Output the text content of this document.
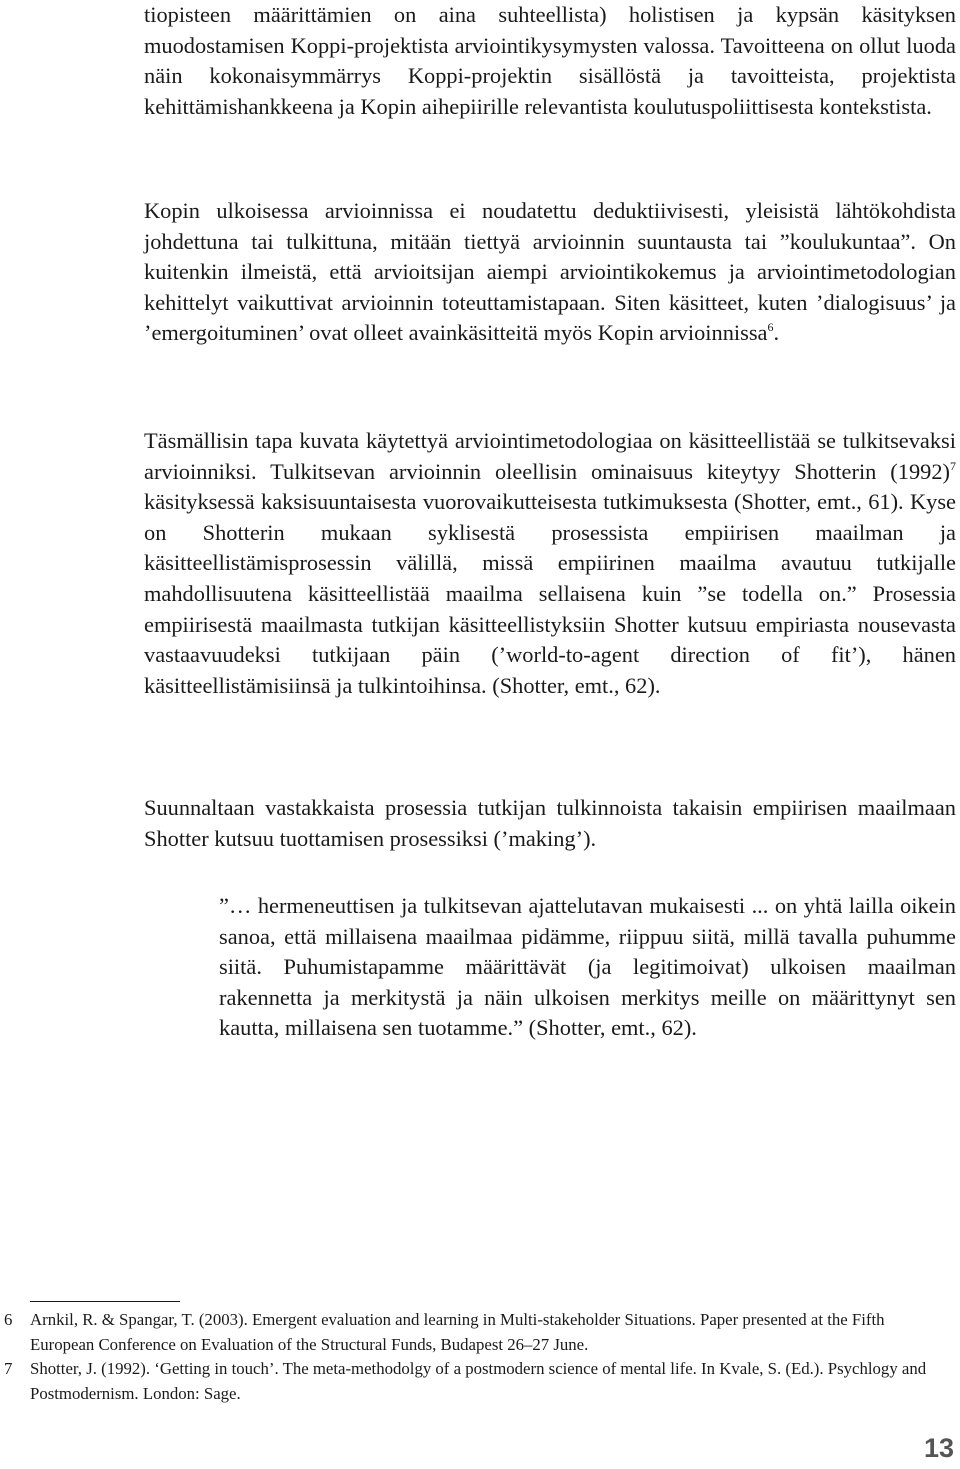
tiopisteen määrittämien on aina suhteellista) holistisen ja kypsän käsityksen muodostamisen Koppi-projektista arviointikysymysten valossa. Tavoitteena on ollut luoda näin kokonaisymmärrys Koppi-projektin sisällöstä ja tavoitteista, projektista kehittämishankkeena ja Kopin aihepiirille relevantista koulutuspoliittisesta kontekstista.

Kopin ulkoisessa arvioinnissa ei noudatettu deduktiivisesti, yleisistä lähtökohdista johdettuna tai tulkittuna, mitään tiettyä arvioinnin suuntausta tai ”koulukuntaa”. On kuitenkin ilmeistä, että arvioitsijan aiempi arviointikokemus ja arviointimetodologian kehittelyt vaikuttivat arvioinnin toteuttamistapaan. Siten käsitteet, kuten ’dialogisuus’ ja ’emergoituminen’ ovat olleet avainkäsitteitä myös Kopin arvioinnissa$^6$.

Täsmällisin tapa kuvata käytettyä arviointimetodologiaa on käsitteellistää se tulkitsevaksi arvioinniksi. Tulkitsevan arvioinnin oleellisin ominaisuus kiteytyy Shotterin $(1992)^7$ käsityksessä kaksisuuntaisesta vuorovaikutteisesta tutkimuksesta (Shotter, emt., 61). Kyse on Shotterin mukaan syklisestä prosessista empiirisen maailman ja käsitteellistämisprosessin välillä, missä empiirinen maailma avautuu tutkijalle mahdollisuutena käsitteellistää maailma sellaisena kuin ”se todella on.” Prosessia empiirisestä maailmasta tutkijan käsitteellistyksiin Shotter kutsuu empiriasta nousevasta vastaavuudeksi tutkijaan päin (’world-to-agent direction of fit’), hänen käsitteellistämisiinsä ja tulkintoihinsa. (Shotter, emt., 62).

Suunnaltaan vastakkaista prosessia tutkijan tulkinnoista takaisin empiirisen maailmaan Shotter kutsuu tuottamisen prosessiksi (’making’).

”… hermeneuttisen ja tulkitsevan ajattelutavan mukaisesti ... on yhtä lailla oikein sanoa, että millaisena maailmaa pidämme, riippuu siitä, millä tavalla puhumme siitä. Puhumistapamme määrittävät (ja legitimoivat) ulkoisen maailman rakennetta ja merkitystä ja näin ulkoisen merkitys meille on määrittynyt sen kautta, millaisena sen tuotamme.” (Shotter, emt., 62).

6 Arnkil, R. & Spangar, T. (2003). Emergent evaluation and learning in Multi-stakeholder Situations. Paper presented at the Fifth European Conference on Evaluation of the Structural Funds, Budapest 26–27 June.
7 Shotter, J. (1992). ‘Getting in touch’. The meta-methodolgy of a postmodern science of mental life. In Kvale, S. (Ed.). Psychlogy and Postmodernism. London: Sage.
13
